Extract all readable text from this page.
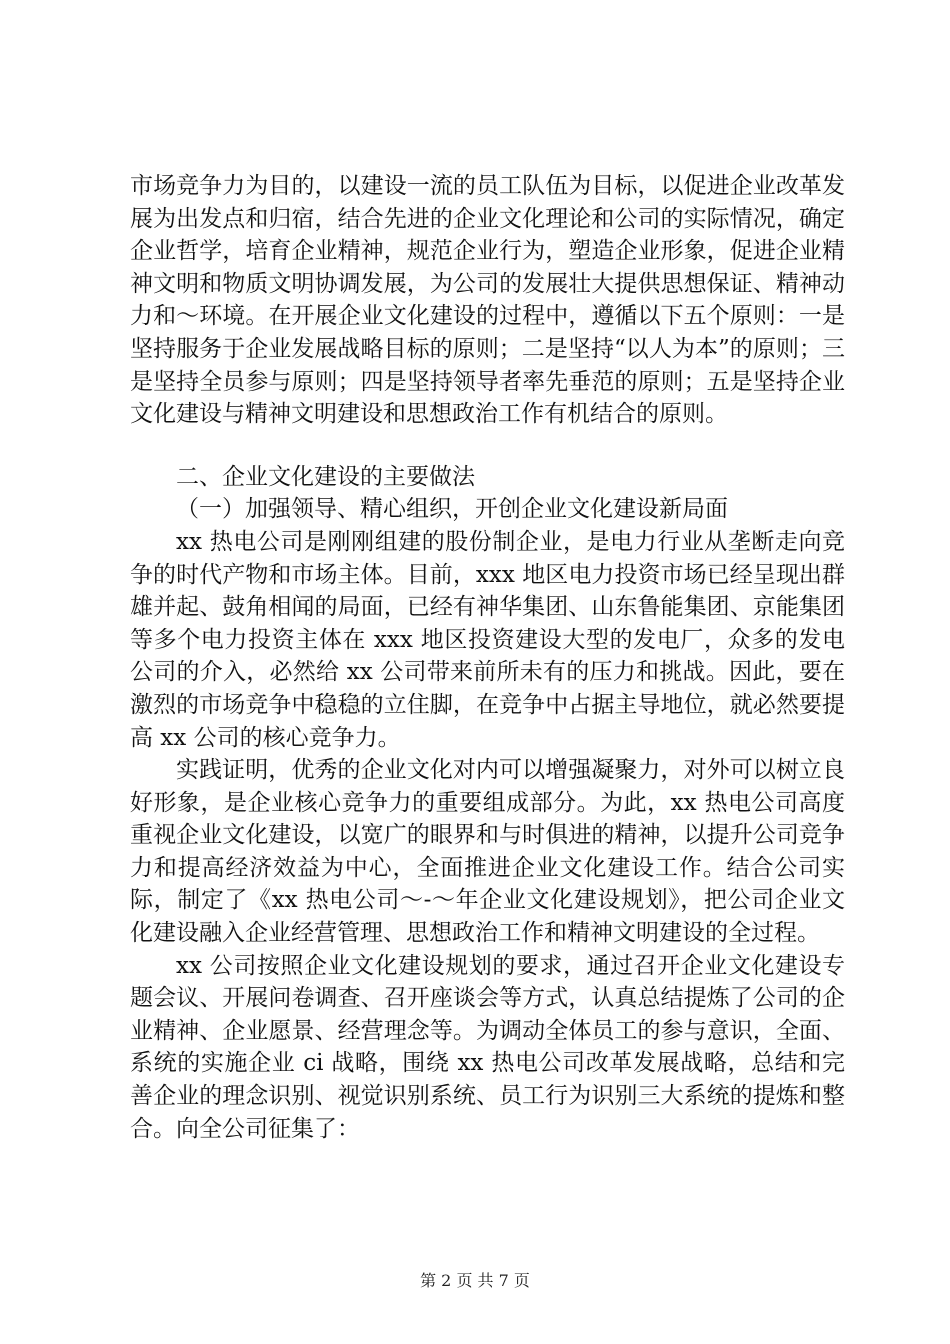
市场竞争力为目的，以建设一流的员工队伍为目标，以促进企业改革发展为出发点和归宿，结合先进的企业文化理论和公司的实际情况，确定企业哲学，培育企业精神，规范企业行为，塑造企业形象，促进企业精神文明和物质文明协调发展，为公司的发展壮大提供思想保证、精神动力和～环境。在开展企业文化建设的过程中，遵循以下五个原则：一是坚持服务于企业发展战略目标的原则；二是坚持“以人为本”的原则；三是坚持全员参与原则；四是坚持领导者率先垂范的原则；五是坚持企业文化建设与精神文明建设和思想政治工作有机结合的原则。

二、企业文化建设的主要做法

（一）加强领导、精心组织，开创企业文化建设新局面

xx 热电公司是刚刚组建的股份制企业，是电力行业从垄断走向竞争的时代产物和市场主体。目前，xxx 地区电力投资市场已经呈现出群雄并起、鼓角相闻的局面，已经有神华集团、山东鲁能集团、京能集团等多个电力投资主体在 xxx 地区投资建设大型的发电厂，众多的发电公司的介入，必然给 xx 公司带来前所未有的压力和挑战。因此，要在激烈的市场竞争中稳稳的立住脚，在竞争中占据主导地位，就必然要提高 xx 公司的核心竞争力。

实践证明，优秀的企业文化对内可以增强凝聚力，对外可以树立良好形象，是企业核心竞争力的重要组成部分。为此，xx 热电公司高度重视企业文化建设，以宽广的眼界和与时俱进的精神，以提升公司竞争力和提高经济效益为中心，全面推进企业文化建设工作。结合公司实际，制定了《xx 热电公司～-～年企业文化建设规划》，把公司企业文化建设融入企业经营管理、思想政治工作和精神文明建设的全过程。

xx 公司按照企业文化建设规划的要求，通过召开企业文化建设专题会议、开展问卷调查、召开座谈会等方式，认真总结提炼了公司的企业精神、企业愿景、经营理念等。为调动全体员工的参与意识，全面、系统的实施企业 ci 战略，围绕 xx 热电公司改革发展战略，总结和完善企业的理念识别、视觉识别系统、员工行为识别三大系统的提炼和整合。向全公司征集了：

第 2 页 共 7 页
